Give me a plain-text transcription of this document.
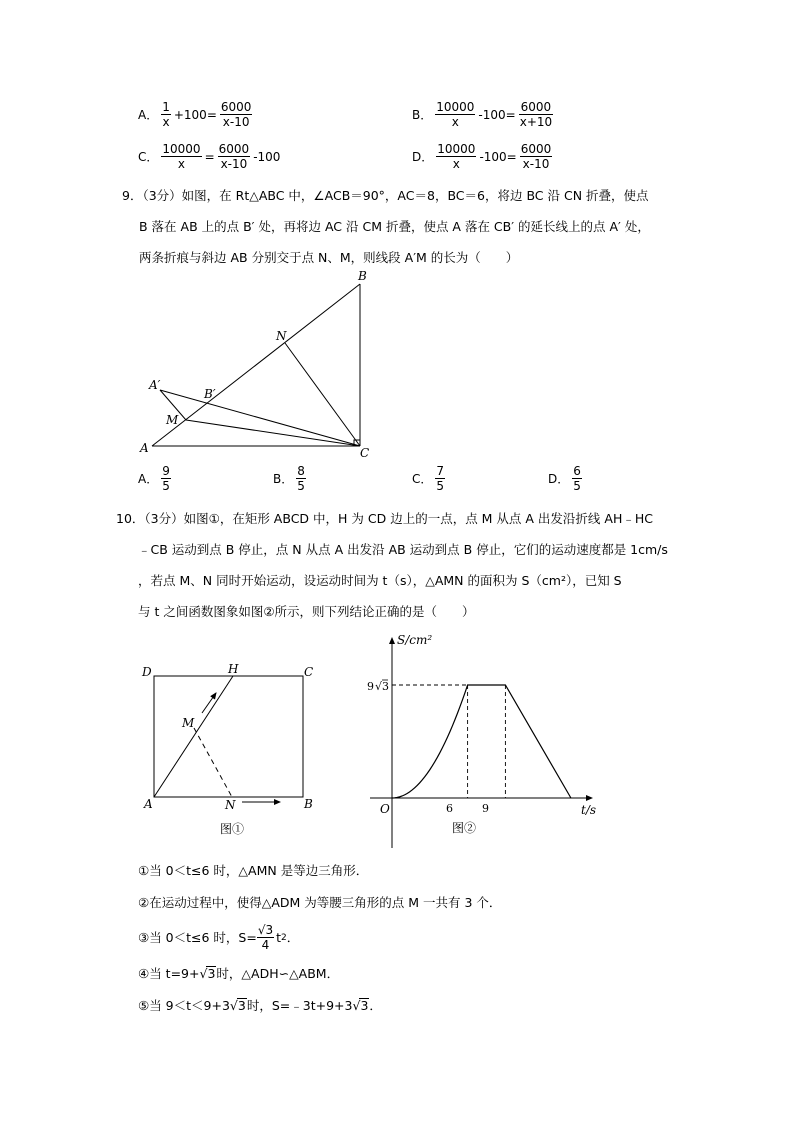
A． $\frac{1}{x} +100= \frac{6000}{x-10}$	B． $\frac{10000}{x} -100= \frac{6000}{x+10}$
C． $\frac{10000}{x} = \frac{6000}{x-10} -100$	D． $\frac{10000}{x} -100= \frac{6000}{x-10}$
9．（3分）如图，在 Rt△ABC 中，∠ACB＝90°，AC＝8，BC＝6，将边 BC 沿 CN 折叠，使点
B 落在 AB 上的点 B′ 处，再将边 AC 沿 CM 折叠，使点 A 落在 CB′ 的延长线上的点 A′ 处，
两条折痕与斜边 AB 分别交于点 N、M，则线段 A′M 的长为（　　）
B
N
A′
B′
M
A	C
A． $\frac{9}{5}$	B． $\frac{8}{5}$	C． $\frac{7}{5}$	D． $\frac{6}{5}$
10．（3分）如图①，在矩形 ABCD 中，H 为 CD 边上的一点，点 M 从点 A 出发沿折线 AH﹣HC
﹣CB 运动到点 B 停止，点 N 从点 A 出发沿 AB 运动到点 B 停止，它们的运动速度都是 1cm/s
，若点 M、N 同时开始运动，设运动时间为 t（s），△AMN 的面积为 S（cm²），已知 S
与 t 之间函数图象如图②所示，则下列结论正确的是（　　）
D	H	C
M
A	N	B
图①
S/cm²
t/s
O	6	9
9 √ 3
图②
①当 0＜t≤6 时，△AMN 是等边三角形．
②在运动过程中，使得△ADM 为等腰三角形的点 M 一共有 3 个．
③当 0＜t≤6 时，$S= \frac{√3}{4}$ t 2 ．
④当 t=9+√3时，△ADH∽△ABM．
⑤当 9＜t＜9+3√3时，S=﹣3t+9+3√3．
